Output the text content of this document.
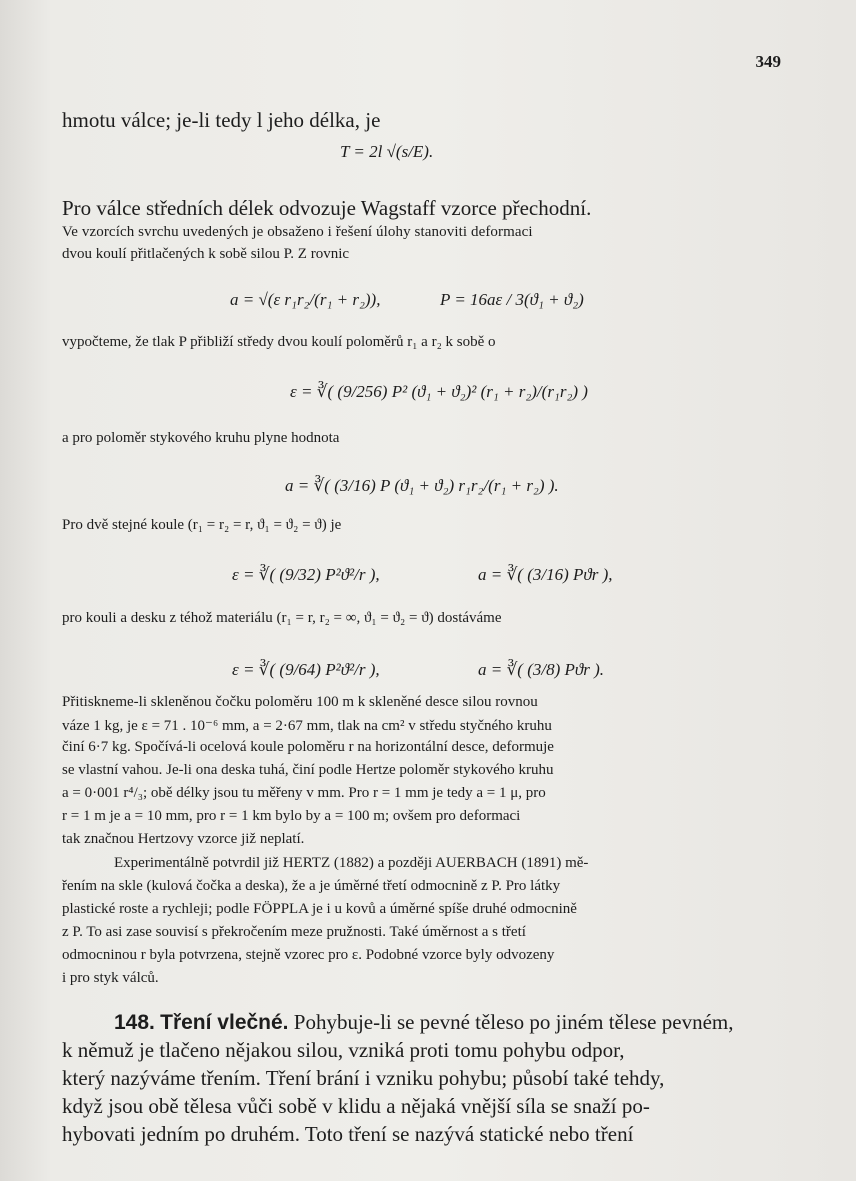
349
hmotu válce; je-li tedy l jeho délka, je
T = 2l √(s/E).
Pro válce středních délek odvozuje Wagstaff vzorce přechodní.
Ve vzorcích svrchu uvedených je obsaženo i řešení úlohy stanoviti deformaci
dvou koulí přitlačených k sobě silou P. Z rovnic
a = √(ε r₁r₂/(r₁ + r₂)),	P = 16aε / 3(ϑ₁ + ϑ₂)
vypočteme, že tlak P přibliží středy dvou koulí poloměrů r₁ a r₂ k sobě o
ε = ∛( (9/256) P² (ϑ₁ + ϑ₂)² (r₁ + r₂)/(r₁r₂) )
a pro poloměr stykového kruhu plyne hodnota
a = ∛( (3/16) P (ϑ₁ + ϑ₂) r₁r₂/(r₁ + r₂) ).
Pro dvě stejné koule (r₁ = r₂ = r, ϑ₁ = ϑ₂ = ϑ) je
ε = ∛( (9/32) P²ϑ²/r ),	a = ∛( (3/16) Pϑr ),
pro kouli a desku z téhož materiálu (r₁ = r, r₂ = ∞, ϑ₁ = ϑ₂ = ϑ) dostáváme
ε = ∛( (9/64) P²ϑ²/r ),	a = ∛( (3/8) Pϑr ).
Přitiskneme-li skleněnou čočku poloměru 100 m k skleněné desce silou rovnou
váze 1 kg, je ε = 71 . 10⁻⁶ mm, a = 2·67 mm, tlak na cm² v středu styčného kruhu
činí 6·7 kg. Spočívá-li ocelová koule poloměru r na horizontální desce, deformuje
se vlastní vahou. Je-li ona deska tuhá, činí podle Hertze poloměr stykového kruhu
a = 0·001 r⁴/₃; obě délky jsou tu měřeny v mm. Pro r = 1 mm je tedy a = 1 μ, pro
r = 1 m je a = 10 mm, pro r = 1 km bylo by a = 100 m; ovšem pro deformaci
tak značnou Hertzovy vzorce již neplatí.
Experimentálně potvrdil již HERTZ (1882) a později AUERBACH (1891) mě-
řením na skle (kulová čočka a deska), že a je úměrné třetí odmocnině z P. Pro látky
plastické roste a rychleji; podle FÖPPLA je i u kovů a úměrné spíše druhé odmocnině
z P. To asi zase souvisí s překročením meze pružnosti. Také úměrnost a s třetí
odmocninou r byla potvrzena, stejně vzorec pro ε. Podobné vzorce byly odvozeny
i pro styk válců.
148. Tření vlečné. Pohybuje-li se pevné těleso po jiném tělese pevném,
k němuž je tlačeno nějakou silou, vzniká proti tomu pohybu odpor,
který nazýváme třením. Tření brání i vzniku pohybu; působí také tehdy,
když jsou obě tělesa vůči sobě v klidu a nějaká vnější síla se snaží po-
hybovati jedním po druhém. Toto tření se nazývá statické nebo tření
